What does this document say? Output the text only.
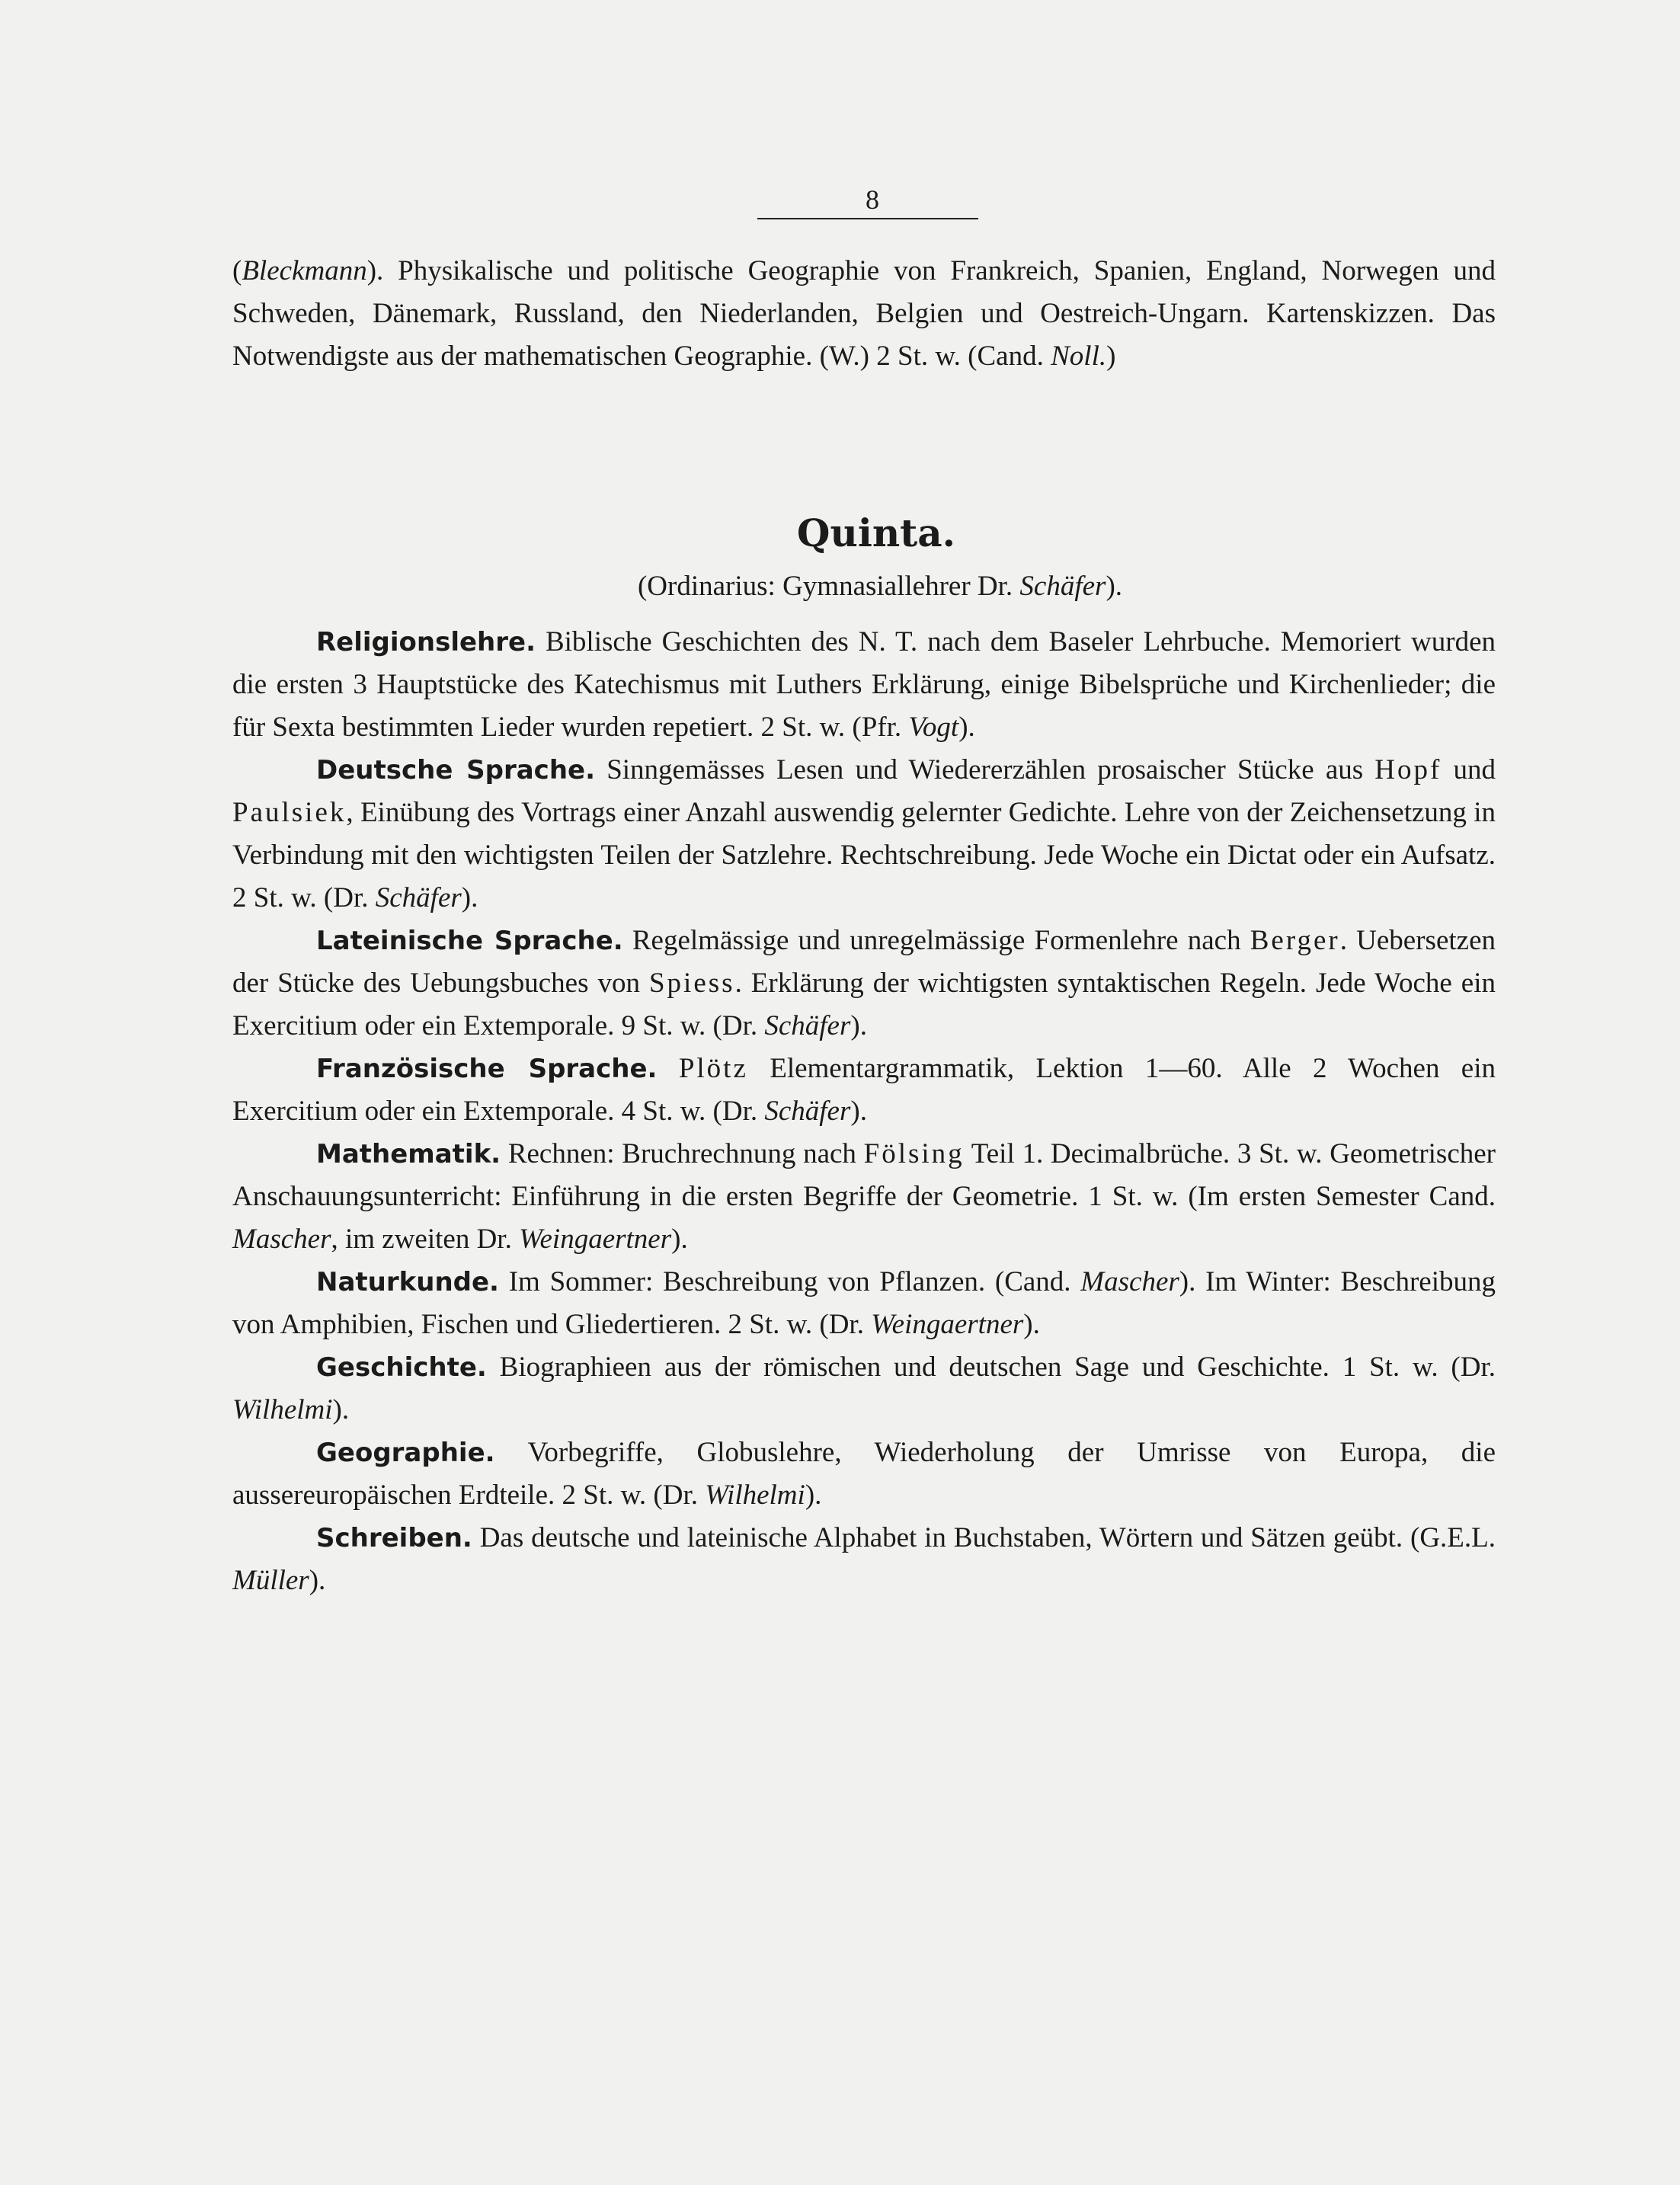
8

(Bleckmann). Physikalische und politische Geographie von Frankreich, Spanien, England, Norwegen und Schweden, Dänemark, Russland, den Niederlanden, Belgien und Oestreich-Ungarn. Kartenskizzen. Das Notwendigste aus der mathematischen Geographie. (W.) 2 St. w. (Cand. Noll.)

Quinta.
(Ordinarius: Gymnasiallehrer Dr. Schäfer).

Religionslehre. Biblische Geschichten des N. T. nach dem Baseler Lehrbuche. Memoriert wurden die ersten 3 Hauptstücke des Katechismus mit Luthers Erklärung, einige Bibelsprüche und Kirchenlieder; die für Sexta bestimmten Lieder wurden repetiert. 2 St. w. (Pfr. Vogt).

Deutsche Sprache. Sinngemässes Lesen und Wiedererzählen prosaischer Stücke aus Hopf und Paulsiek, Einübung des Vortrags einer Anzahl auswendig gelernter Gedichte. Lehre von der Zeichensetzung in Verbindung mit den wichtigsten Teilen der Satzlehre. Rechtschreibung. Jede Woche ein Dictat oder ein Aufsatz. 2 St. w. (Dr. Schäfer).

Lateinische Sprache. Regelmässige und unregelmässige Formenlehre nach Berger. Uebersetzen der Stücke des Uebungsbuches von Spiess. Erklärung der wichtigsten syntaktischen Regeln. Jede Woche ein Exercitium oder ein Extemporale. 9 St. w. (Dr. Schäfer).

Französische Sprache. Plötz Elementargrammatik, Lektion 1—60. Alle 2 Wochen ein Exercitium oder ein Extemporale. 4 St. w. (Dr. Schäfer).

Mathematik. Rechnen: Bruchrechnung nach Fölsing Teil 1. Decimalbrüche. 3 St. w. Geometrischer Anschauungsunterricht: Einführung in die ersten Begriffe der Geometrie. 1 St. w. (Im ersten Semester Cand. Mascher, im zweiten Dr. Weingaertner).

Naturkunde. Im Sommer: Beschreibung von Pflanzen. (Cand. Mascher). Im Winter: Beschreibung von Amphibien, Fischen und Gliedertieren. 2 St. w. (Dr. Weingaertner).

Geschichte. Biographieen aus der römischen und deutschen Sage und Geschichte. 1 St. w. (Dr. Wilhelmi).

Geographie. Vorbegriffe, Globuslehre, Wiederholung der Umrisse von Europa, die aussereuropäischen Erdteile. 2 St. w. (Dr. Wilhelmi).

Schreiben. Das deutsche und lateinische Alphabet in Buchstaben, Wörtern und Sätzen geübt. (G.E.L. Müller).
